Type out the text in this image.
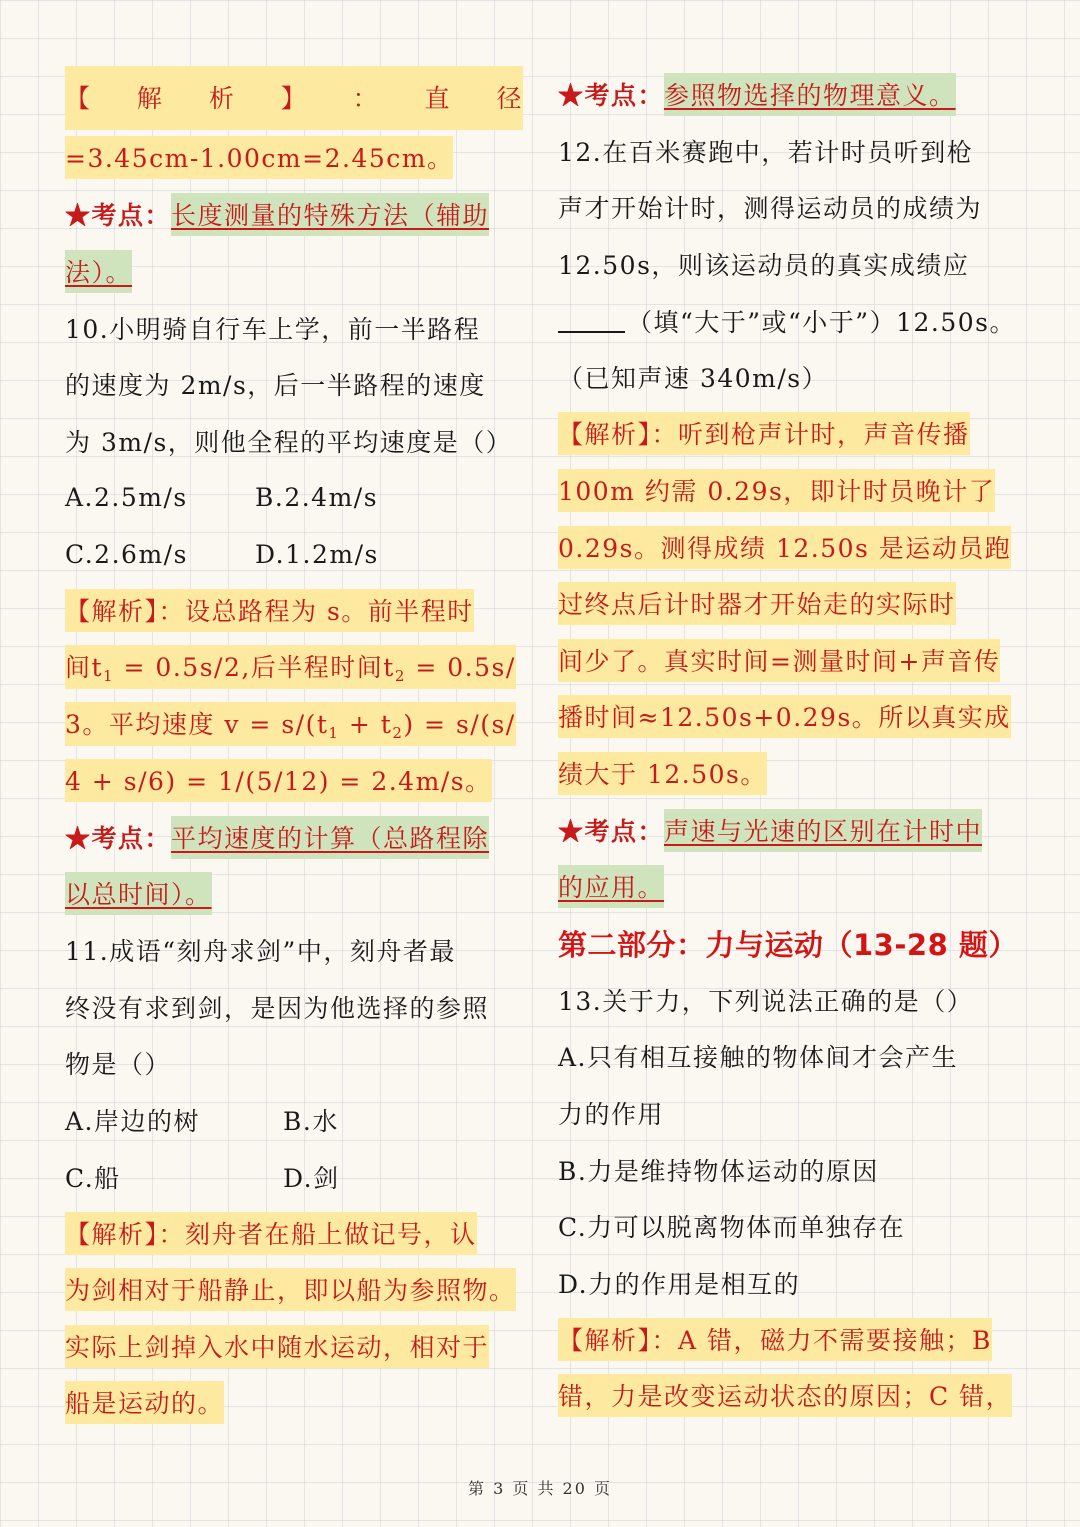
【 解 析 】 ： 直 径
=3.45cm-1.00cm=2.45cm。
★考点： 长度测量的特殊方法（辅助
法）。
10.小明骑自行车上学，前一半路程
的速度为 2m/s，后一半路程的速度
为 3m/s，则他全程的平均速度是（）
A.2.5m/s	B.2.4m/s
C.2.6m/s	D.1.2m/s
【解析】：设总路程为 s。前半程时
间$t_1 = 0.5s/2$,后半程时间$t_2 = 0.5s/$
3。平均速度 $v = s/(t_1 + t_2) = s/(s/$
4 + s/6) = 1/(5/12) = 2.4m/s。
★考点： 平均速度的计算（总路程除
以总时间）。
11.成语“刻舟求剑”中，刻舟者最
终没有求到剑，是因为他选择的参照
物是（）
A.岸边的树	B.水
C.船	D.剑
【解析】：刻舟者在船上做记号，认
为剑相对于船静止，即以船为参照物。
实际上剑掉入水中随水运动，相对于
船是运动的。
★考点： 参照物选择的物理意义。
12.在百米赛跑中，若计时员听到枪
声才开始计时，测得运动员的成绩为
12.50s，则该运动员的真实成绩应
（填“大于”或“小于”）12.50s。
（已知声速 340m/s）
【解析】：听到枪声计时，声音传播
100m 约需 0.29s，即计时员晚计了
0.29s。测得成绩 12.50s 是运动员跑
过终点后计时器才开始走的实际时
间少了。真实时间=测量时间+声音传
播时间≈12.50s+0.29s。所以真实成
绩大于 12.50s。
★考点： 声速与光速的区别在计时中
的应用。
第二部分：力与运动（13-28 题）
13.关于力，下列说法正确的是（）
A.只有相互接触的物体间才会产生
力的作用
B.力是维持物体运动的原因
C.力可以脱离物体而单独存在
D.力的作用是相互的
【解析】：A 错，磁力不需要接触；B
错，力是改变运动状态的原因；C 错，
第 3 页 共 20 页
